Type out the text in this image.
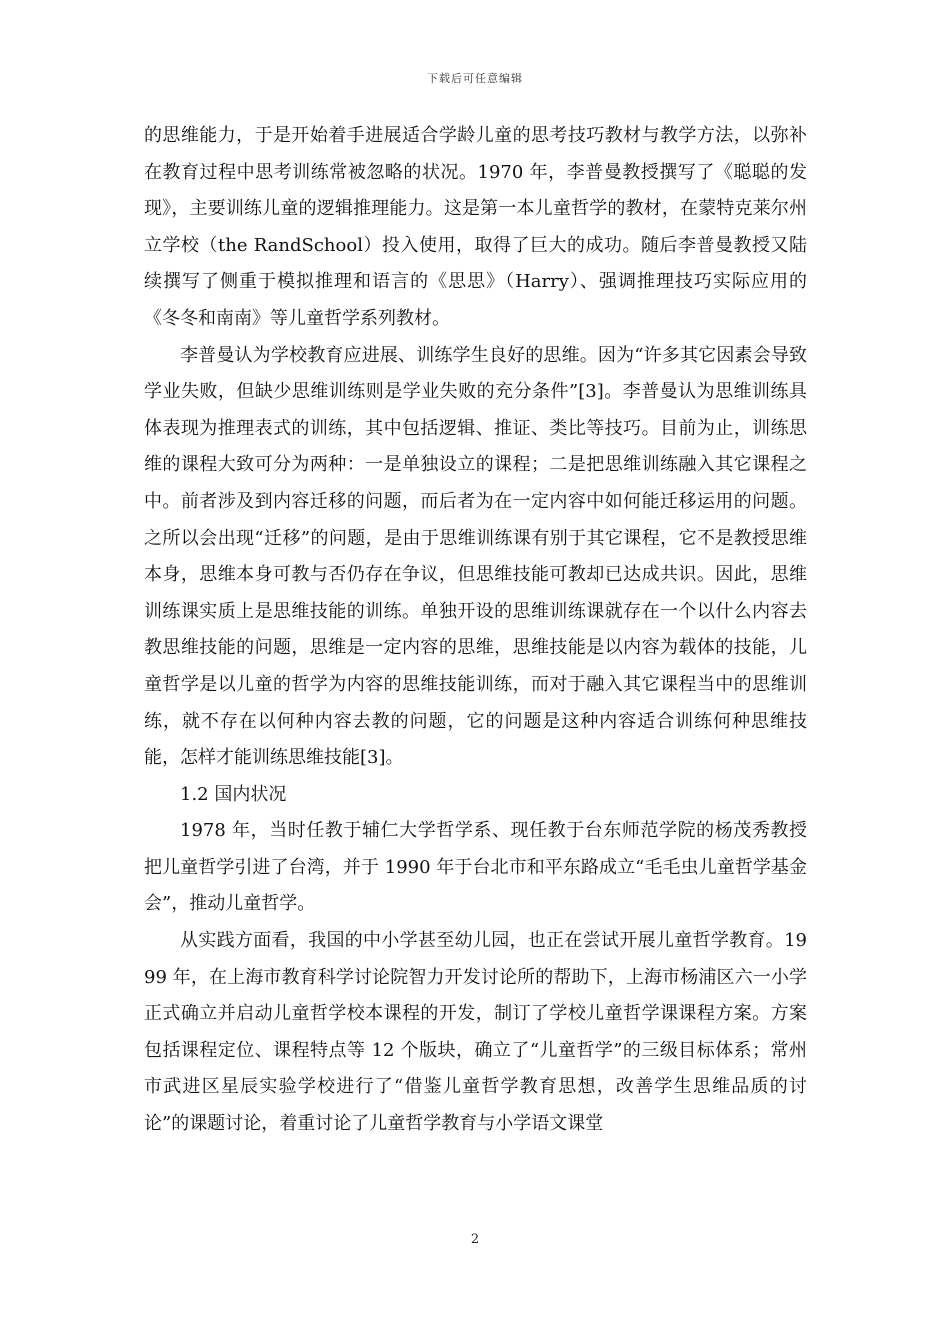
下载后可任意编辑

的思维能力，于是开始着手进展适合学龄儿童的思考技巧教材与教学方法，以弥补在教育过程中思考训练常被忽略的状况。1970 年，李普曼教授撰写了《聪聪的发现》，主要训练儿童的逻辑推理能力。这是第一本儿童哲学的教材，在蒙特克莱尔州立学校（the RandSchool）投入使用，取得了巨大的成功。随后李普曼教授又陆续撰写了侧重于模拟推理和语言的《思思》（Harry）、强调推理技巧实际应用的《冬冬和南南》等儿童哲学系列教材。

李普曼认为学校教育应进展、训练学生良好的思维。因为“许多其它因素会导致学业失败，但缺少思维训练则是学业失败的充分条件”[3]。李普曼认为思维训练具体表现为推理表式的训练，其中包括逻辑、推证、类比等技巧。目前为止，训练思维的课程大致可分为两种：一是单独设立的课程；二是把思维训练融入其它课程之中。前者涉及到内容迁移的问题，而后者为在一定内容中如何能迁移运用的问题。之所以会出现“迁移”的问题，是由于思维训练课有别于其它课程，它不是教授思维本身，思维本身可教与否仍存在争议，但思维技能可教却已达成共识。因此，思维训练课实质上是思维技能的训练。单独开设的思维训练课就存在一个以什么内容去教思维技能的问题，思维是一定内容的思维，思维技能是以内容为载体的技能，儿童哲学是以儿童的哲学为内容的思维技能训练，而对于融入其它课程当中的思维训练，就不存在以何种内容去教的问题，它的问题是这种内容适合训练何种思维技能，怎样才能训练思维技能[3]。

1.2 国内状况

1978 年，当时任教于辅仁大学哲学系、现任教于台东师范学院的杨茂秀教授把儿童哲学引进了台湾，并于 1990 年于台北市和平东路成立“毛毛虫儿童哲学基金会”，推动儿童哲学。

从实践方面看，我国的中小学甚至幼儿园，也正在尝试开展儿童哲学教育。1999 年，在上海市教育科学讨论院智力开发讨论所的帮助下，上海市杨浦区六一小学正式确立并启动儿童哲学校本课程的开发，制订了学校儿童哲学课课程方案。方案包括课程定位、课程特点等 12 个版块，确立了“儿童哲学”的三级目标体系；常州市武进区星辰实验学校进行了“借鉴儿童哲学教育思想，改善学生思维品质的讨论”的课题讨论，着重讨论了儿童哲学教育与小学语文课堂

2
